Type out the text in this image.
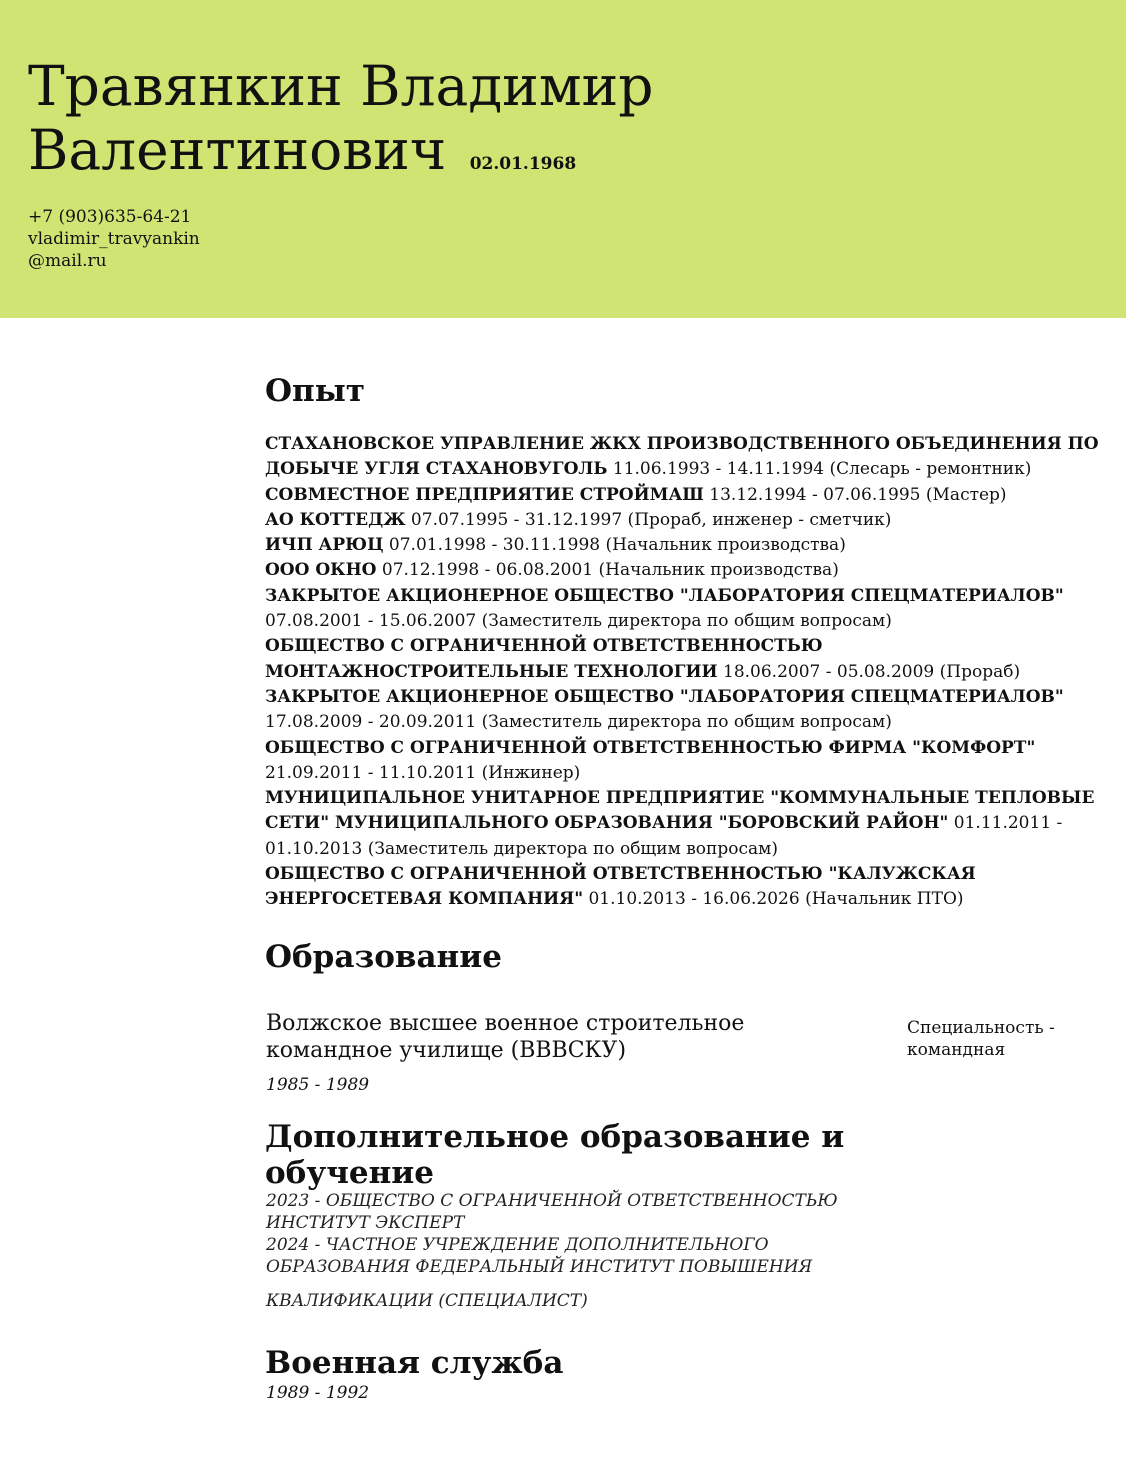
Травянкин Владимир
Валентинович 02.01.1968
+7 (903)635-64-21
vladimir_travyankin
@mail.ru
Опыт
СТАХАНОВСКОЕ УПРАВЛЕНИЕ ЖКХ ПРОИЗВОДСТВЕННОГО ОБЪЕДИНЕНИЯ ПО
ДОБЫЧЕ УГЛЯ СТАХАНОВУГОЛЬ 11.06.1993 - 14.11.1994 (Слесарь - ремонтник)
СОВМЕСТНОЕ ПРЕДПРИЯТИЕ СТРОЙМАШ 13.12.1994 - 07.06.1995 (Мастер)
АО КОТТЕДЖ 07.07.1995 - 31.12.1997 (Прораб, инженер - сметчик)
ИЧП АРЮЦ 07.01.1998 - 30.11.1998 (Начальник производства)
ООО ОКНО 07.12.1998 - 06.08.2001 (Начальник производства)
ЗАКРЫТОЕ АКЦИОНЕРНОЕ ОБЩЕСТВО "ЛАБОРАТОРИЯ СПЕЦМАТЕРИАЛОВ"
07.08.2001 - 15.06.2007 (Заместитель директора по общим вопросам)
ОБЩЕСТВО С ОГРАНИЧЕННОЙ ОТВЕТСТВЕННОСТЬЮ
МОНТАЖНОСТРОИТЕЛЬНЫЕ ТЕХНОЛОГИИ 18.06.2007 - 05.08.2009 (Прораб)
ЗАКРЫТОЕ АКЦИОНЕРНОЕ ОБЩЕСТВО "ЛАБОРАТОРИЯ СПЕЦМАТЕРИАЛОВ"
17.08.2009 - 20.09.2011 (Заместитель директора по общим вопросам)
ОБЩЕСТВО С ОГРАНИЧЕННОЙ ОТВЕТСТВЕННОСТЬЮ ФИРМА "КОМФОРТ"
21.09.2011 - 11.10.2011 (Инжинер)
МУНИЦИПАЛЬНОЕ УНИТАРНОЕ ПРЕДПРИЯТИЕ "КОММУНАЛЬНЫЕ ТЕПЛОВЫЕ
СЕТИ" МУНИЦИПАЛЬНОГО ОБРАЗОВАНИЯ "БОРОВСКИЙ РАЙОН" 01.11.2011 -
01.10.2013 (Заместитель директора по общим вопросам)
ОБЩЕСТВО С ОГРАНИЧЕННОЙ ОТВЕТСТВЕННОСТЬЮ "КАЛУЖСКАЯ
ЭНЕРГОСЕТЕВАЯ КОМПАНИЯ" 01.10.2013 - 16.06.2026 (Начальник ПТО)
Образование
Волжское высшее военное строительное
командное училище (ВВВСКУ)
1985 - 1989
Специальность -
командная
Дополнительное образование и
обучение
2023 - ОБЩЕСТВО С ОГРАНИЧЕННОЙ ОТВЕТСТВЕННОСТЬЮ
ИНСТИТУТ ЭКСПЕРТ
2024 - ЧАСТНОЕ УЧРЕЖДЕНИЕ ДОПОЛНИТЕЛЬНОГО
ОБРАЗОВАНИЯ ФЕДЕРАЛЬНЫЙ ИНСТИТУТ ПОВЫШЕНИЯ
КВАЛИФИКАЦИИ (СПЕЦИАЛИСТ)
Военная служба
1989 - 1992
